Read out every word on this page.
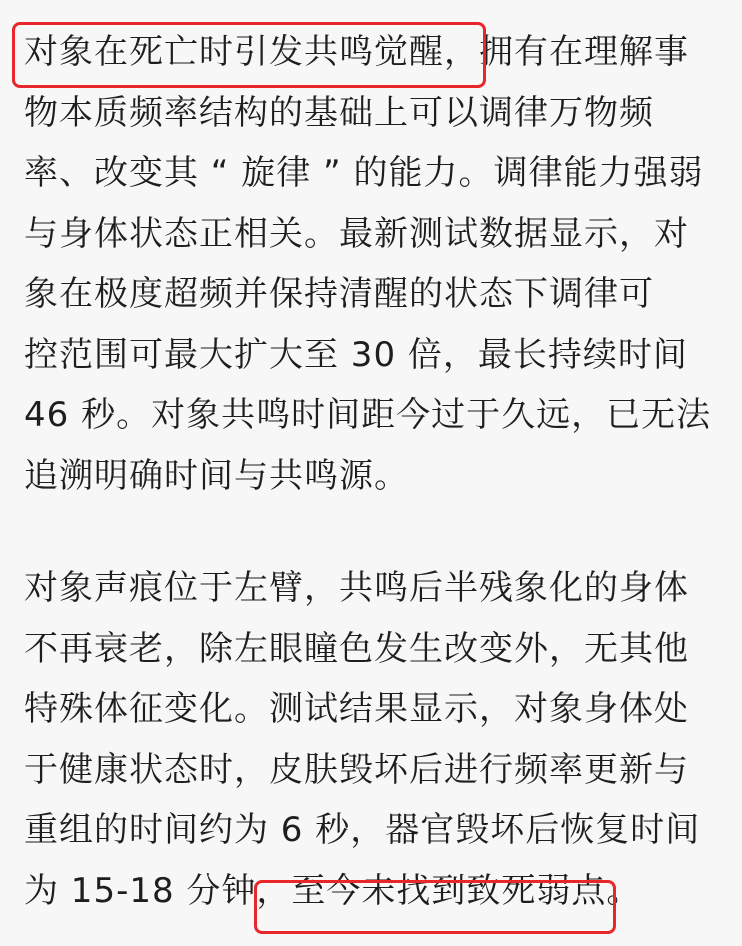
对象在死亡时引发共鸣觉醒，拥有在理解事
物本质频率结构的基础上可以调律万物频
率、改变其 “ 旋律 ” 的能力。调律能力强弱
与身体状态正相关。最新测试数据显示，对
象在极度超频并保持清醒的状态下调律可
控范围可最大扩大至 30 倍，最长持续时间
46 秒。对象共鸣时间距今过于久远，已无法
追溯明确时间与共鸣源。
对象声痕位于左臂，共鸣后半残象化的身体
不再衰老，除左眼瞳色发生改变外，无其他
特殊体征变化。测试结果显示，对象身体处
于健康状态时，皮肤毁坏后进行频率更新与
重组的时间约为 6 秒，器官毁坏后恢复时间
为 15-18 分钟，至今未找到致死弱点。
